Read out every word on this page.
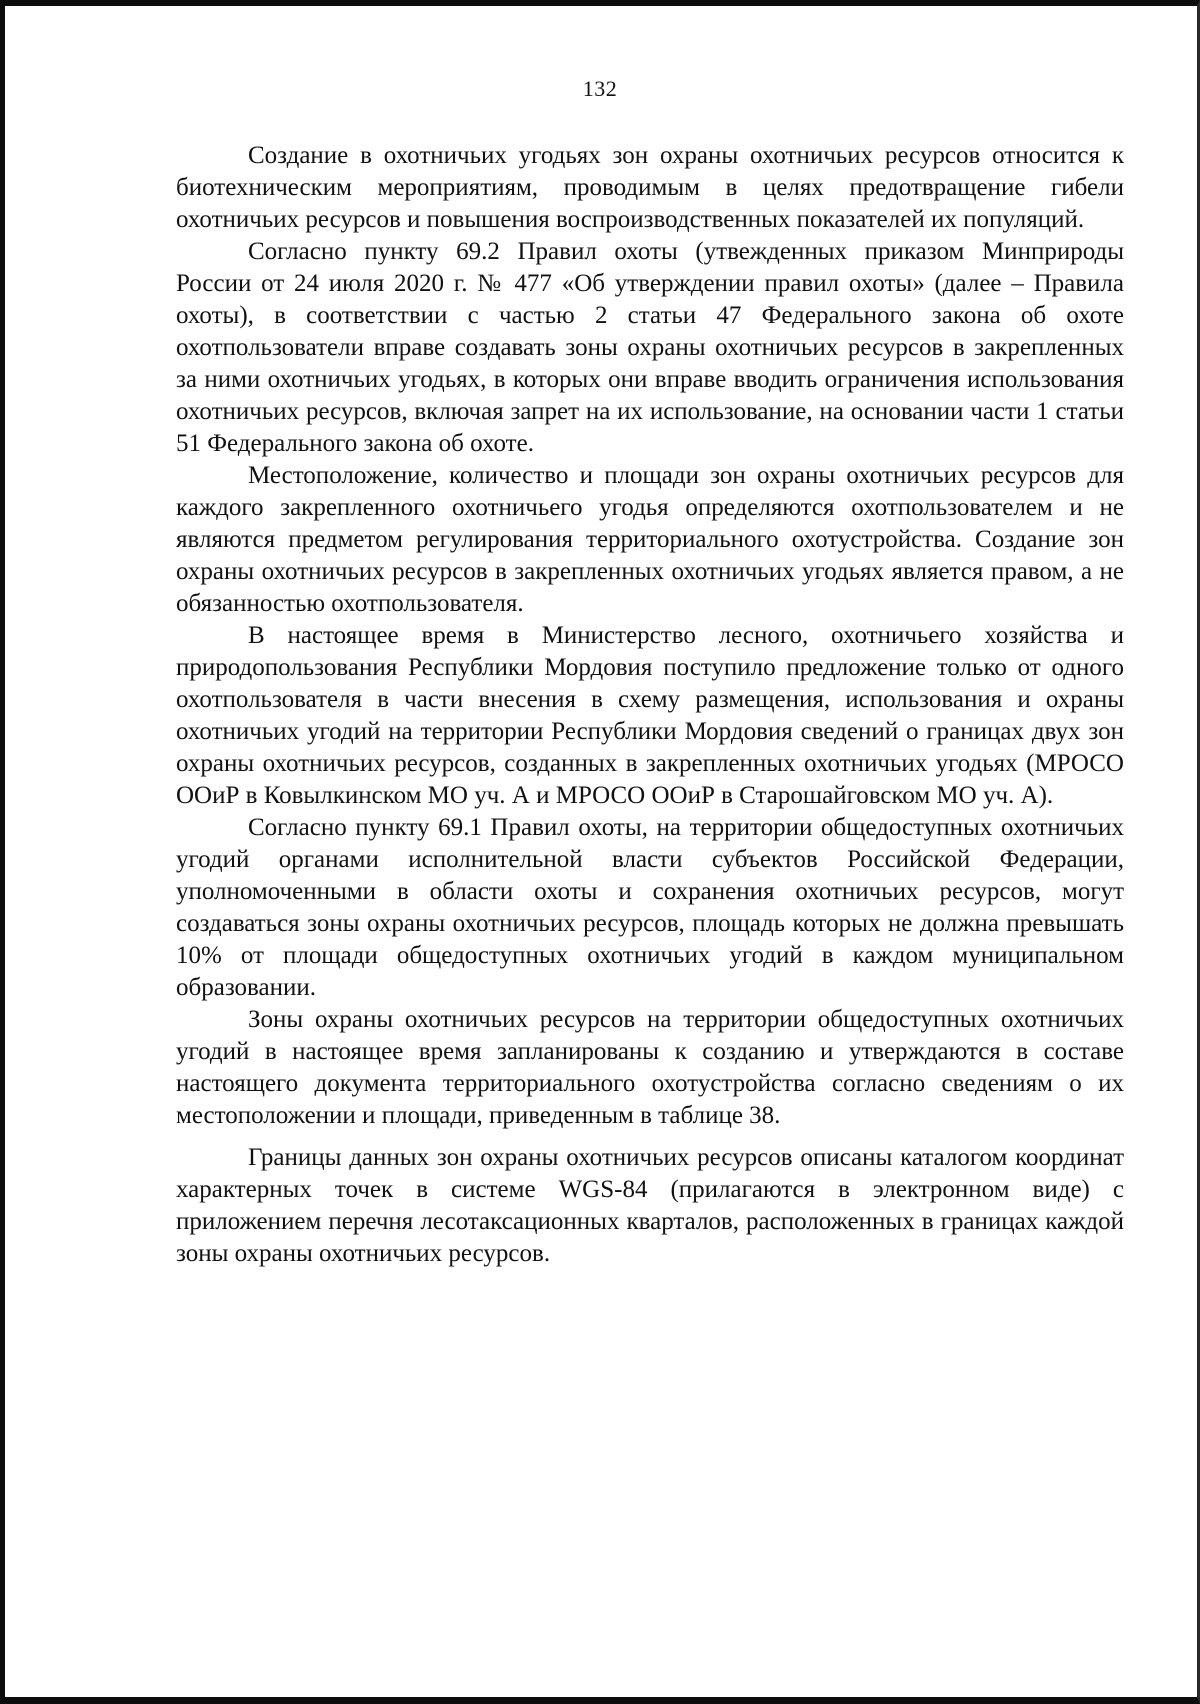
132

Создание в охотничьих угодьях зон охраны охотничьих ресурсов относится к биотехническим мероприятиям, проводимым в целях предотвращение гибели охотничьих ресурсов и повышения воспроизводственных показателей их популяций.

Согласно пункту 69.2 Правил охоты (утвежденных приказом Минприроды России от 24 июля 2020 г. № 477 «Об утверждении правил охоты» (далее – Правила охоты), в соответствии с частью 2 статьи 47 Федерального закона об охоте охотпользователи вправе создавать зоны охраны охотничьих ресурсов в закрепленных за ними охотничьих угодьях, в которых они вправе вводить ограничения использования охотничьих ресурсов, включая запрет на их использование, на основании части 1 статьи 51 Федерального закона об охоте.

Местоположение, количество и площади зон охраны охотничьих ресурсов для каждого закрепленного охотничьего угодья определяются охотпользователем и не являются предметом регулирования территориального охотустройства. Создание зон охраны охотничьих ресурсов в закрепленных охотничьих угодьях является правом, а не обязанностью охотпользователя.

В настоящее время в Министерство лесного, охотничьего хозяйства и природопользования Республики Мордовия поступило предложение только от одного охотпользователя в части внесения в схему размещения, использования и охраны охотничьих угодий на территории Республики Мордовия сведений о границах двух зон охраны охотничьих ресурсов, созданных в закрепленных охотничьих угодьях (МРОСО ООиР в Ковылкинском МО уч. А и МРОСО ООиР в Старошайговском МО уч. А).

Согласно пункту 69.1 Правил охоты, на территории общедоступных охотничьих угодий органами исполнительной власти субъектов Российской Федерации, уполномоченными в области охоты и сохранения охотничьих ресурсов, могут создаваться зоны охраны охотничьих ресурсов, площадь которых не должна превышать 10% от площади общедоступных охотничьих угодий в каждом муниципальном образовании.

Зоны охраны охотничьих ресурсов на территории общедоступных охотничьих угодий в настоящее время запланированы к созданию и утверждаются в составе настоящего документа территориального охотустройства согласно сведениям о их местоположении и площади, приведенным в таблице 38.

Границы данных зон охраны охотничьих ресурсов описаны каталогом координат характерных точек в системе WGS-84 (прилагаются в электронном виде) с приложением перечня лесотаксационных кварталов, расположенных в границах каждой зоны охраны охотничьих ресурсов.
